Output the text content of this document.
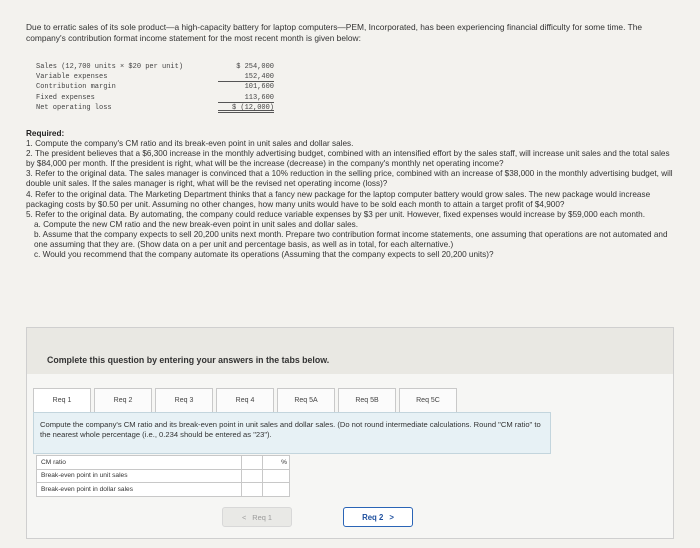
Due to erratic sales of its sole product—a high-capacity battery for laptop computers—PEM, Incorporated, has been experiencing financial difficulty for some time. The company's contribution format income statement for the most recent month is given below:
Sales (12,700 units × $20 per unit)	$ 254,000
Variable expenses	152,400
Contribution margin	101,600
Fixed expenses	113,600
Net operating loss	$ (12,000)
Required:
1. Compute the company's CM ratio and its break-even point in unit sales and dollar sales.
2. The president believes that a $6,300 increase in the monthly advertising budget, combined with an intensified effort by the sales staff, will increase unit sales and the total sales by $84,000 per month. If the president is right, what will be the increase (decrease) in the company's monthly net operating income?
3. Refer to the original data. The sales manager is convinced that a 10% reduction in the selling price, combined with an increase of $38,000 in the monthly advertising budget, will double unit sales. If the sales manager is right, what will be the revised net operating income (loss)?
4. Refer to the original data. The Marketing Department thinks that a fancy new package for the laptop computer battery would grow sales. The new package would increase packaging costs by $0.50 per unit. Assuming no other changes, how many units would have to be sold each month to attain a target profit of $4,900?
5. Refer to the original data. By automating, the company could reduce variable expenses by $3 per unit. However, fixed expenses would increase by $59,000 each month.
a. Compute the new CM ratio and the new break-even point in unit sales and dollar sales.
b. Assume that the company expects to sell 20,200 units next month. Prepare two contribution format income statements, one assuming that operations are not automated and one assuming that they are. (Show data on a per unit and percentage basis, as well as in total, for each alternative.)
c. Would you recommend that the company automate its operations (Assuming that the company expects to sell 20,200 units)?
Complete this question by entering your answers in the tabs below.
Req 1	Req 2	Req 3	Req 4	Req 5A	Req 5B	Req 5C
Compute the company's CM ratio and its break-even point in unit sales and dollar sales. (Do not round intermediate calculations. Round "CM ratio" to the nearest whole percentage (i.e., 0.234 should be entered as "23").
CM ratio		%
Break-even point in unit sales		
Break-even point in dollar sales		
< Req 1	Req 2 >
